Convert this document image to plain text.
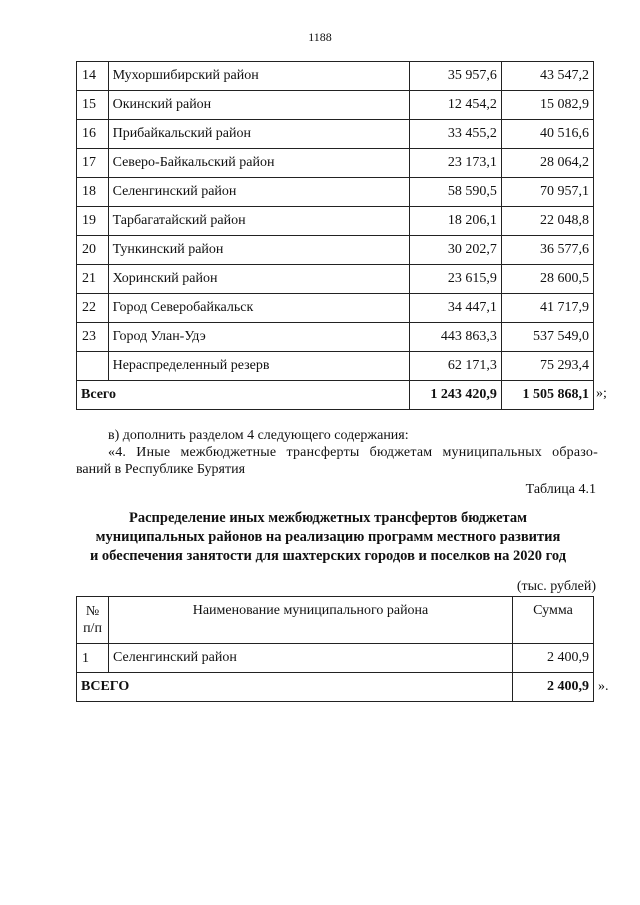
1188
14	Мухоршибирский район	35 957,6	43 547,2
15	Окинский район	12 454,2	15 082,9
16	Прибайкальский район	33 455,2	40 516,6
17	Северо-Байкальский район	23 173,1	28 064,2
18	Селенгинский район	58 590,5	70 957,1
19	Тарбагатайский район	18 206,1	22 048,8
20	Тункинский район	30 202,7	36 577,6
21	Хоринский район	23 615,9	28 600,5
22	Город Северобайкальск	34 447,1	41 717,9
23	Город Улан-Удэ	443 863,3	537 549,0
	Нераспределенный резерв	62 171,3	75 293,4
Всего		1 243 420,9	1 505 868,1 »;
в) дополнить разделом 4 следующего содержания:
«4. Иные межбюджетные трансферты бюджетам муниципальных образо-
ваний в Республике Бурятия
Таблица 4.1
Распределение иных межбюджетных трансфертов бюджетам
муниципальных районов на реализацию программ местного развития
и обеспечения занятости для шахтерских городов и поселков на 2020 год
(тыс. рублей)
№
п/п	Наименование муниципального района	Сумма
1	Селенгинский район	2 400,9
ВСЕГО		2 400,9 ».
